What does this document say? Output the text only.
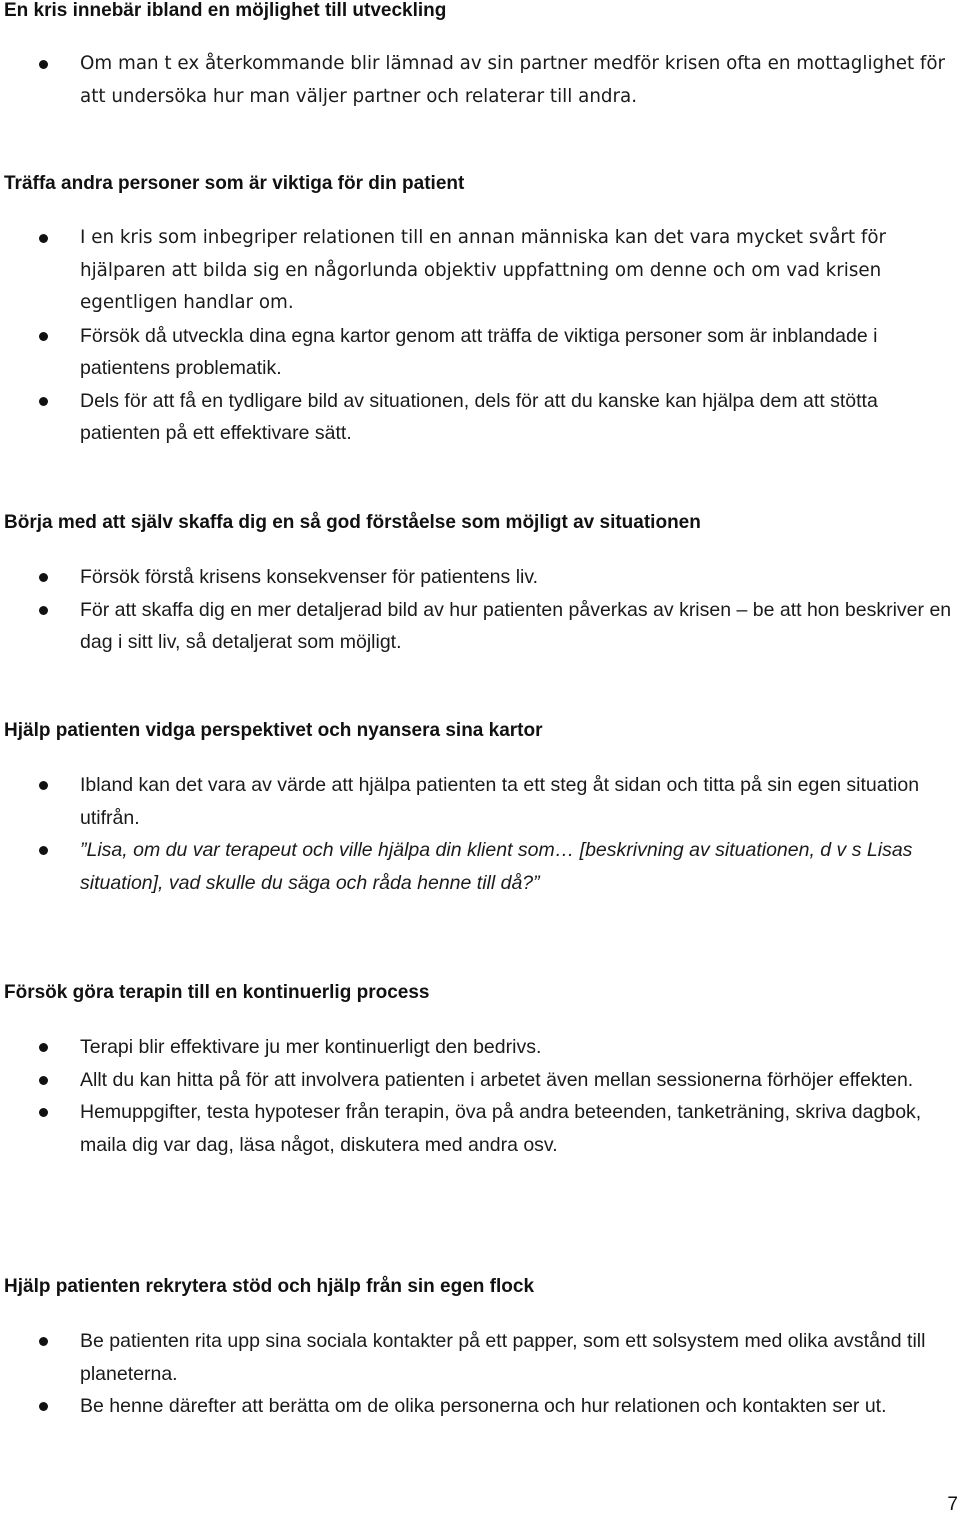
En kris innebär ibland en möjlighet till utveckling
Om man t ex återkommande blir lämnad av sin partner medför krisen ofta en mottaglighet för att undersöka hur man väljer partner och relaterar till andra.
Träffa andra personer som är viktiga för din patient
I en kris som inbegriper relationen till en annan människa kan det vara mycket svårt för hjälparen att bilda sig en någorlunda objektiv uppfattning om denne och om vad krisen egentligen handlar om.
Försök då utveckla dina egna kartor genom att träffa de viktiga personer som är inblandade i patientens problematik.
Dels för att få en tydligare bild av situationen, dels för att du kanske kan hjälpa dem att stötta patienten på ett effektivare sätt.
Börja med att själv skaffa dig en så god förståelse som möjligt av situationen
Försök förstå krisens konsekvenser för patientens liv.
För att skaffa dig en mer detaljerad bild av hur patienten påverkas av krisen – be att hon beskriver en dag i sitt liv, så detaljerat som möjligt.
Hjälp patienten vidga perspektivet och nyansera sina kartor
Ibland kan det vara av värde att hjälpa patienten ta ett steg åt sidan och titta på sin egen situation utifrån.
”Lisa, om du var terapeut och ville hjälpa din klient som… [beskrivning av situationen, d v s Lisas situation], vad skulle du säga och råda henne till då?”
Försök göra terapin till en kontinuerlig process
Terapi blir effektivare ju mer kontinuerligt den bedrivs.
Allt du kan hitta på för att involvera patienten i arbetet även mellan sessionerna förhöjer effekten.
Hemuppgifter, testa hypoteser från terapin, öva på andra beteenden, tanketräning, skriva dagbok, maila dig var dag, läsa något, diskutera med andra osv.
Hjälp patienten rekrytera stöd och hjälp från sin egen flock
Be patienten rita upp sina sociala kontakter på ett papper, som ett solsystem med olika avstånd till planeterna.
Be henne därefter att berätta om de olika personerna och hur relationen och kontakten ser ut.
7
